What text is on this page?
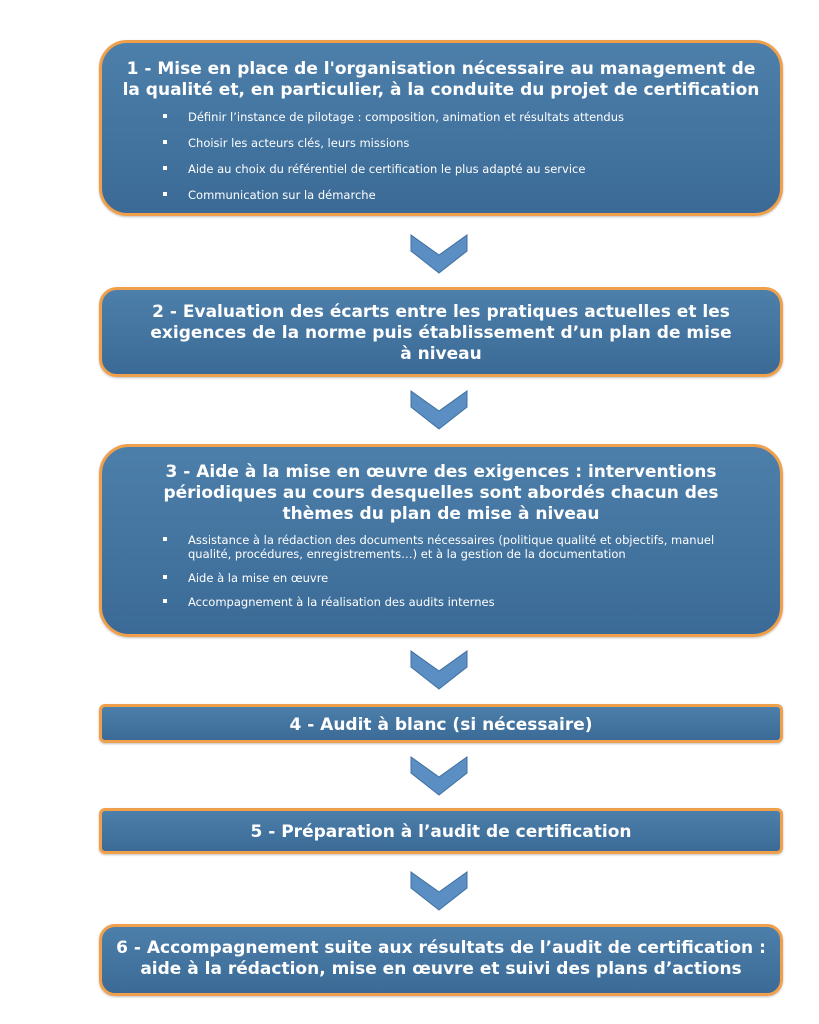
1 - Mise en place de l'organisation nécessaire au management de la qualité et, en particulier, à la conduite du projet de certification

Définir l’instance de pilotage : composition, animation et résultats attendus
Choisir les acteurs clés, leurs missions
Aide au choix du référentiel de certification le plus adapté au service
Communication sur la démarche

2 - Evaluation des écarts entre les pratiques actuelles et les exigences de la norme puis établissement d’un plan de mise à niveau

3 - Aide à la mise en œuvre des exigences : interventions périodiques au cours desquelles sont abordés chacun des thèmes du plan de mise à niveau

Assistance à la rédaction des documents nécessaires (politique qualité et objectifs, manuel qualité, procédures, enregistrements…) et à la gestion de la documentation
Aide à la mise en œuvre
Accompagnement à la réalisation des audits internes

4 - Audit à blanc (si nécessaire)

5 - Préparation à l’audit de certification

6 - Accompagnement suite aux résultats de l’audit de certification : aide à la rédaction, mise en œuvre et suivi des plans d’actions
